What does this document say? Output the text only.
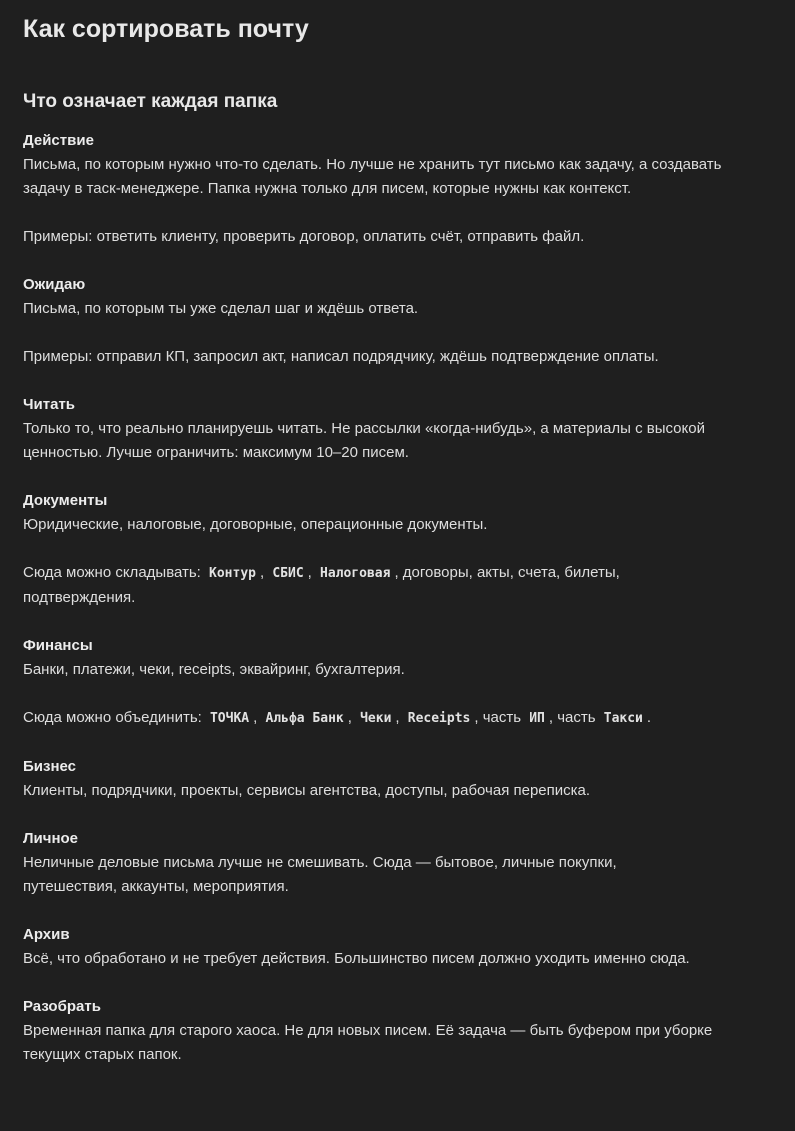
Как сортировать почту
Что означает каждая папка
Действие

Письма, по которым нужно что-то сделать. Но лучше не хранить тут письмо как задачу, а создавать задачу в таск-менеджере. Папка нужна только для писем, которые нужны как контекст.

Примеры: ответить клиенту, проверить договор, оплатить счёт, отправить файл.

Ожидаю

Письма, по которым ты уже сделал шаг и ждёшь ответа.

Примеры: отправил КП, запросил акт, написал подрядчику, ждёшь подтверждение оплаты.

Читать

Только то, что реально планируешь читать. Не рассылки «когда-нибудь», а материалы с высокой ценностью. Лучше ограничить: максимум 10–20 писем.

Документы

Юридические, налоговые, договорные, операционные документы.

Сюда можно складывать: Контур , СБИС , Налоговая , договоры, акты, счета, билеты, подтверждения.

Финансы

Банки, платежи, чеки, receipts, эквайринг, бухгалтерия.

Сюда можно объединить: ТОЧКА , Альфа Банк , Чеки , Receipts , часть ИП , часть Такси .

Бизнес

Клиенты, подрядчики, проекты, сервисы агентства, доступы, рабочая переписка.

Личное

Неличные деловые письма лучше не смешивать. Сюда — бытовое, личные покупки, путешествия, аккаунты, мероприятия.

Архив

Всё, что обработано и не требует действия. Большинство писем должно уходить именно сюда.

Разобрать

Временная папка для старого хаоса. Не для новых писем. Её задача — быть буфером при уборке текущих старых папок.
